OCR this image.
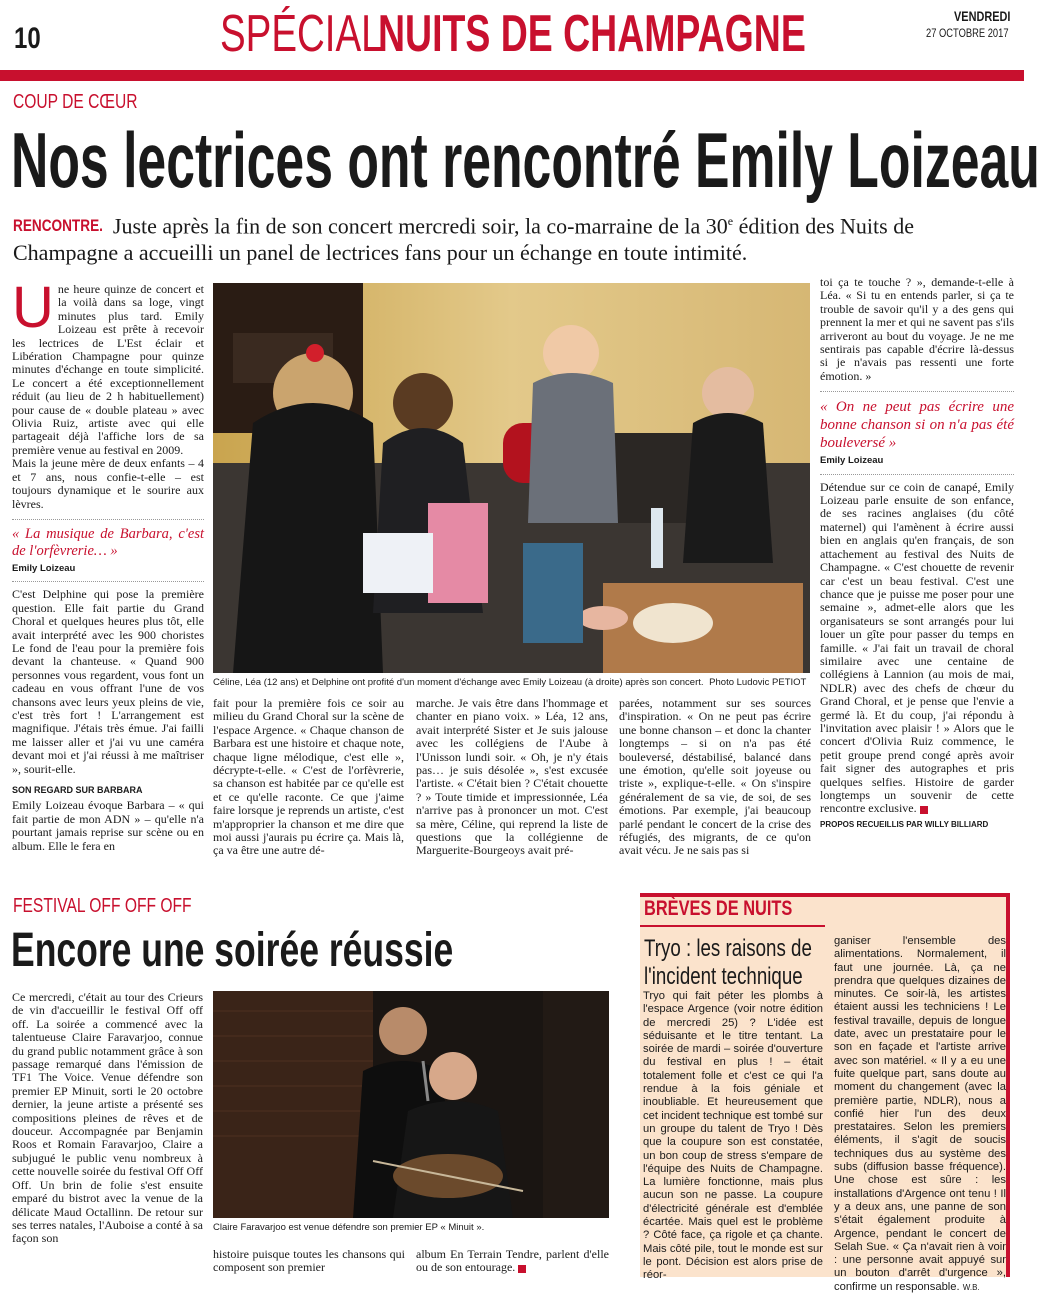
10	SPÉCIAL
NUITS DE CHAMPAGNE	VENDREDI
27 OCTOBRE 2017
COUP DE CŒUR
Nos lectrices ont rencontré Emily Loizeau
RENCONTRE. Juste après la fin de son concert mercredi soir, la co-marraine de la 30e édition des Nuits de Champagne a accueilli un panel de lectrices fans pour un échange en toute intimité.
U ne heure quinze de concert et la voilà dans sa loge, vingt minutes plus tard. Emily Loizeau est prête à recevoir les lectrices de L'Est éclair et Libération Champagne pour quinze minutes d'échange en toute simplicité. Le concert a été exceptionnellement réduit (au lieu de 2 h habituellement) pour cause de « double plateau » avec Olivia Ruiz, artiste avec qui elle partageait déjà l'affiche lors de sa première venue au festival en 2009.

Mais la jeune mère de deux enfants – 4 et 7 ans, nous confie-t-elle – est toujours dynamique et le sourire aux lèvres.

« La musique de Barbara, c'est de l'orfèvrerie… »
Emily Loizeau

C'est Delphine qui pose la première question. Elle fait partie du Grand Choral et quelques heures plus tôt, elle avait interprété avec les 900 choristes Le fond de l'eau pour la première fois devant la chanteuse. « Quand 900 personnes vous regardent, vous font un cadeau en vous offrant l'une de vos chansons avec leurs yeux pleins de vie, c'est très fort ! L'arrangement est magnifique. J'étais très émue. J'ai failli me laisser aller et j'ai vu une caméra devant moi et j'ai réussi à me maîtriser », sourit-elle.

SON REGARD SUR BARBARA

Emily Loizeau évoque Barbara – « qui fait partie de mon ADN » – qu'elle n'a pourtant jamais reprise sur scène ou en album. Elle le fera en

Céline, Léa (12 ans) et Delphine ont profité d'un moment d'échange avec Emily Loizeau (à droite) après son concert. Photo Ludovic PETIOT

fait pour la première fois ce soir au milieu du Grand Choral sur la scène de l'espace Argence. « Chaque chanson de Barbara est une histoire et chaque note, chaque ligne mélodique, c'est elle », décrypte-t-elle. « C'est de l'orfèvrerie, sa chanson est habitée par ce qu'elle est et ce qu'elle raconte. Ce que j'aime faire lorsque je reprends un artiste, c'est m'approprier la chanson et me dire que moi aussi j'aurais pu écrire ça. Mais là, ça va être une autre dé-

marche. Je vais être dans l'hommage et chanter en piano voix. » Léa, 12 ans, avait interprété Sister et Je suis jalouse avec les collégiens de l'Aube à l'Unisson lundi soir. « Oh, je n'y étais pas… je suis désolée », s'est excusée l'artiste. « C'était bien ? C'était chouette ? » Toute timide et impressionnée, Léa n'arrive pas à prononcer un mot. C'est sa mère, Céline, qui reprend la liste de questions que la collégienne de Marguerite-Bourgeoys avait pré-

parées, notamment sur ses sources d'inspiration. « On ne peut pas écrire une bonne chanson – et donc la chanter longtemps – si on n'a pas été bouleversé, déstabilisé, balancé dans une émotion, qu'elle soit joyeuse ou triste », explique-t-elle. « On s'inspire généralement de sa vie, de soi, de ses émotions. Par exemple, j'ai beaucoup parlé pendant le concert de la crise des réfugiés, des migrants, de ce qu'on avait vécu. Je ne sais pas si

toi ça te touche ? », demande-t-elle à Léa. « Si tu en entends parler, si ça te trouble de savoir qu'il y a des gens qui prennent la mer et qui ne savent pas s'ils arriveront au bout du voyage. Je ne me sentirais pas capable d'écrire là-dessus si je n'avais pas ressenti une forte émotion. »

« On ne peut pas écrire une bonne chanson si on n'a pas été bouleversé »
Emily Loizeau

Détendue sur ce coin de canapé, Emily Loizeau parle ensuite de son enfance, de ses racines anglaises (du côté maternel) qui l'amènent à écrire aussi bien en anglais qu'en français, de son attachement au festival des Nuits de Champagne. « C'est chouette de revenir car c'est un beau festival. C'est une chance que je puisse me poser pour une semaine », admet-elle alors que les organisateurs se sont arrangés pour lui louer un gîte pour passer du temps en famille. « J'ai fait un travail de choral similaire avec une centaine de collégiens à Lannion (au mois de mai, NDLR) avec des chefs de chœur du Grand Choral, et je pense que l'envie a germé là. Et du coup, j'ai répondu à l'invitation avec plaisir ! » Alors que le concert d'Olivia Ruiz commence, le petit groupe prend congé après avoir fait signer des autographes et pris quelques selfies. Histoire de garder longtemps un souvenir de cette rencontre exclusive.

PROPOS RECUEILLIS PAR WILLY BILLIARD
FESTIVAL OFF OFF OFF
Encore une soirée réussie

Ce mercredi, c'était au tour des Crieurs de vin d'accueillir le festival Off off off. La soirée a commencé avec la talentueuse Claire Faravarjoo, connue du grand public notamment grâce à son passage remarqué dans l'émission de TF1 The Voice. Venue défendre son premier EP Minuit, sorti le 20 octobre dernier, la jeune artiste a présenté ses compositions pleines de rêves et de douceur. Accompagnée par Benjamin Roos et Romain Faravarjoo, Claire a subjugué le public venu nombreux à cette nouvelle soirée du festival Off Off Off. Un brin de folie s'est ensuite emparé du bistrot avec la venue de la délicate Maud Octallinn. De retour sur ses terres natales, l'Auboise a conté à sa façon son

Claire Faravarjoo est venue défendre son premier EP « Minuit ».

histoire puisque toutes les chansons qui composent son premier

album En Terrain Tendre, parlent d'elle ou de son entourage.

BRÈVES DE NUITS
Tryo : les raisons de l'incident technique
Tryo qui fait péter les plombs à l'espace Argence (voir notre édition de mercredi 25) ? L'idée est séduisante et le titre tentant. La soirée de mardi – soirée d'ouverture du festival en plus ! – était totalement folle et c'est ce qui l'a rendue à la fois géniale et inoubliable. Et heureusement que cet incident technique est tombé sur un groupe du talent de Tryo ! Dès que la coupure son est constatée, un bon coup de stress s'empare de l'équipe des Nuits de Champagne. La lumière fonctionne, mais plus aucun son ne passe. La coupure d'électricité générale est d'emblée écartée. Mais quel est le problème ? Côté face, ça rigole et ça chante. Mais côté pile, tout le monde est sur le pont. Décision est alors prise de réor-
ganiser l'ensemble des alimentations. Normalement, il faut une journée. Là, ça ne prendra que quelques dizaines de minutes. Ce soir-là, les artistes étaient aussi les techniciens ! Le festival travaille, depuis de longue date, avec un prestataire pour le son en façade et l'artiste arrive avec son matériel. « Il y a eu une fuite quelque part, sans doute au moment du changement (avec la première partie, NDLR), nous a confié hier l'un des deux prestataires. Selon les premiers éléments, il s'agit de soucis techniques dus au système des subs (diffusion basse fréquence). Une chose est sûre : les installations d'Argence ont tenu ! Il y a deux ans, une panne de son s'était également produite à Argence, pendant le concert de Selah Sue. « Ça n'avait rien à voir : une personne avait appuyé sur un bouton d'arrêt d'urgence », confirme un responsable. W.B.
